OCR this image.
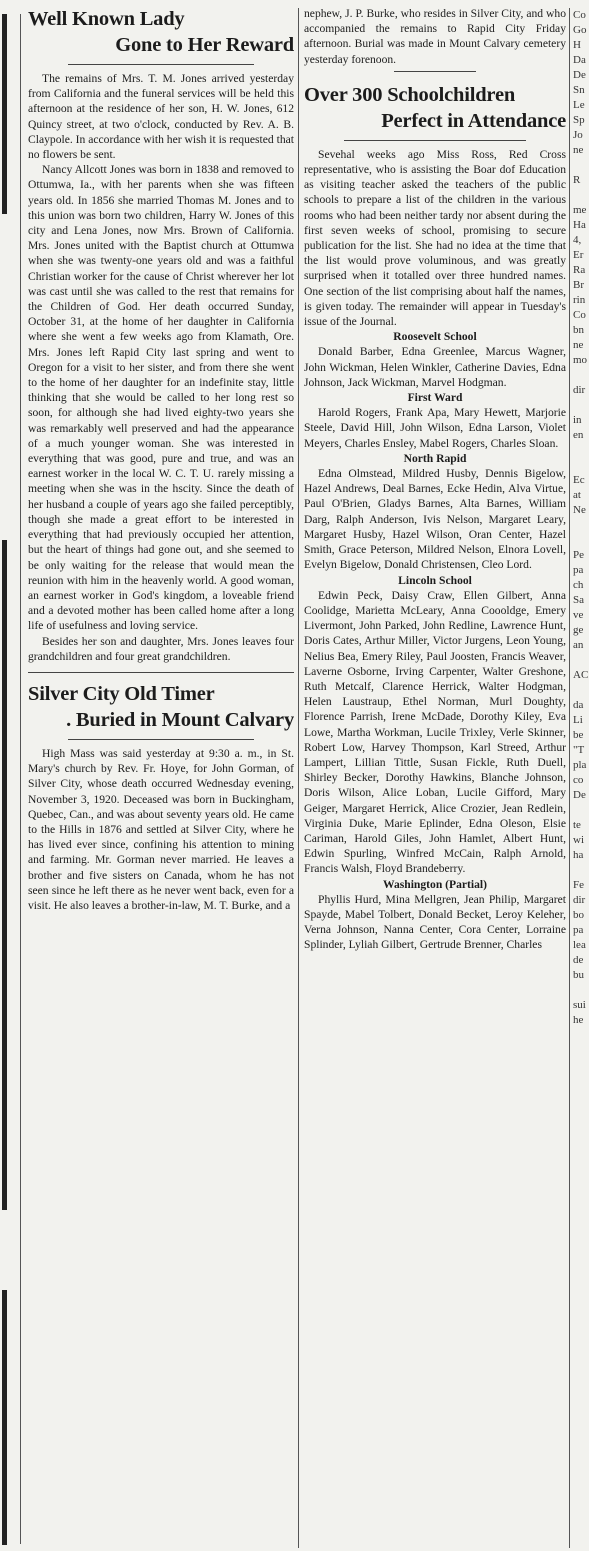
Well Known Lady
Gone to Her Reward

The remains of Mrs. T. M. Jones arrived yesterday from California and the funeral services will be held this afternoon at the residence of her son, H. W. Jones, 612 Quincy street, at two o'clock, conducted by Rev. A. B. Claypole. In accordance with her wish it is requested that no flowers be sent.

Nancy Allcott Jones was born in 1838 and removed to Ottumwa, Ia., with her parents when she was fifteen years old. In 1856 she married Thomas M. Jones and to this union was born two children, Harry W. Jones of this city and Lena Jones, now Mrs. Brown of California. Mrs. Jones united with the Baptist church at Ottumwa when she was twenty-one years old and was a faithful Christian worker for the cause of Christ wherever her lot was cast until she was called to the rest that remains for the Children of God. Her death occurred Sunday, October 31, at the home of her daughter in California where she went a few weeks ago from Klamath, Ore. Mrs. Jones left Rapid City last spring and went to Oregon for a visit to her sister, and from there she went to the home of her daughter for an indefinite stay, little thinking that she would be called to her long rest so soon, for although she had lived eighty-two years she was remarkably well preserved and had the appearance of a much younger woman. She was interested in everything that was good, pure and true, and was an earnest worker in the local W. C. T. U. rarely missing a meeting when she was in the hscity. Since the death of her husband a couple of years ago she failed perceptibly, though she made a great effort to be interested in everything that had previously occupied her attention, but the heart of things had gone out, and she seemed to be only waiting for the release that would mean the reunion with him in the heavenly world. A good woman, an earnest worker in God's kingdom, a loveable friend and a devoted mother has been called home after a long life of usefulness and loving service.

Besides her son and daughter, Mrs. Jones leaves four grandchildren and four great grandchildren.

Silver City Old Timer
. Buried in Mount Calvary

High Mass was said yesterday at 9:30 a. m., in St. Mary's church by Rev. Fr. Hoye, for John Gorman, of Silver City, whose death occurred Wednesday evening, November 3, 1920. Deceased was born in Buckingham, Quebec, Can., and was about seventy years old. He came to the Hills in 1876 and settled at Silver City, where he has lived ever since, confining his attention to mining and farming. Mr. Gorman never married. He leaves a brother and five sisters on Canada, whom he has not seen since he left there as he never went back, even for a visit. He also leaves a brother-in-law, M. T. Burke, and a

nephew, J. P. Burke, who resides in Silver City, and who accompanied the remains to Rapid City Friday afternoon. Burial was made in Mount Calvary cemetery yesterday forenoon.

Over 300 Schoolchildren
Perfect in Attendance

Sevehal weeks ago Miss Ross, Red Cross representative, who is assisting the Boar dof Education as visiting teacher asked the teachers of the public schools to prepare a list of the children in the various rooms who had been neither tardy nor absent during the first seven weeks of school, promising to secure publication for the list. She had no idea at the time that the list would prove voluminous, and was greatly surprised when it totalled over three hundred names. One section of the list comprising about half the names, is given today. The remainder will appear in Tuesday's issue of the Journal.

Roosevelt School

Donald Barber, Edna Greenlee, Marcus Wagner, John Wickman, Helen Winkler, Catherine Davies, Edna Johnson, Jack Wickman, Marvel Hodgman.

First Ward

Harold Rogers, Frank Apa, Mary Hewett, Marjorie Steele, David Hill, John Wilson, Edna Larson, Violet Meyers, Charles Ensley, Mabel Rogers, Charles Sloan.

North Rapid

Edna Olmstead, Mildred Husby, Dennis Bigelow, Hazel Andrews, Deal Barnes, Ecke Hedin, Alva Virtue, Paul O'Brien, Gladys Barnes, Alta Barnes, William Darg, Ralph Anderson, Ivis Nelson, Margaret Leary, Margaret Husby, Hazel Wilson, Oran Center, Hazel Smith, Grace Peterson, Mildred Nelson, Elnora Lovell, Evelyn Bigelow, Donald Christensen, Cleo Lord.

Lincoln School

Edwin Peck, Daisy Craw, Ellen Gilbert, Anna Coolidge, Marietta McLeary, Anna Coooldge, Emery Livermont, John Parked, John Redline, Lawrence Hunt, Doris Cates, Arthur Miller, Victor Jurgens, Leon Young, Nelius Bea, Emery Riley, Paul Joosten, Francis Weaver, Laverne Osborne, Irving Carpenter, Walter Greshone, Ruth Metcalf, Clarence Herrick, Walter Hodgman, Helen Laustraup, Ethel Norman, Murl Doughty, Florence Parrish, Irene McDade, Dorothy Kiley, Eva Lowe, Martha Workman, Lucile Trixley, Verle Skinner, Robert Low, Harvey Thompson, Karl Streed, Arthur Lampert, Lillian Tittle, Susan Fickle, Ruth Duell, Shirley Becker, Dorothy Hawkins, Blanche Johnson, Doris Wilson, Alice Loban, Lucile Gifford, Mary Geiger, Margaret Herrick, Alice Crozier, Jean Redlein, Virginia Duke, Marie Eplinder, Edna Oleson, Elsie Cariman, Harold Giles, John Hamlet, Albert Hunt, Edwin Spurling, Winfred McCain, Ralph Arnold, Francis Walsh, Floyd Brandeberry.

Washington (Partial)

Phyllis Hurd, Mina Mellgren, Jean Philip, Margaret Spayde, Mabel Tolbert, Donald Becket, Leroy Keleher, Verna Johnson, Nanna Center, Cora Center, Lorraine Splinder, Lyliah Gilbert, Gertrude Brenner, Charles

Co
Go
H
Da
De
Sn
Le
Sp
Jo
ne
R
me
Ha
4,
Er
Ra
Br
rin
Co
bn
ne
mo
dir
in
en
Ec
at
Ne
Pe
pa
ch
Sa
ve
ge
an
AC
da
Li
be
"T
pla
co
De
te
wi
ha
Fe
dir
bo
pa
lea
de
bu
sui
he
